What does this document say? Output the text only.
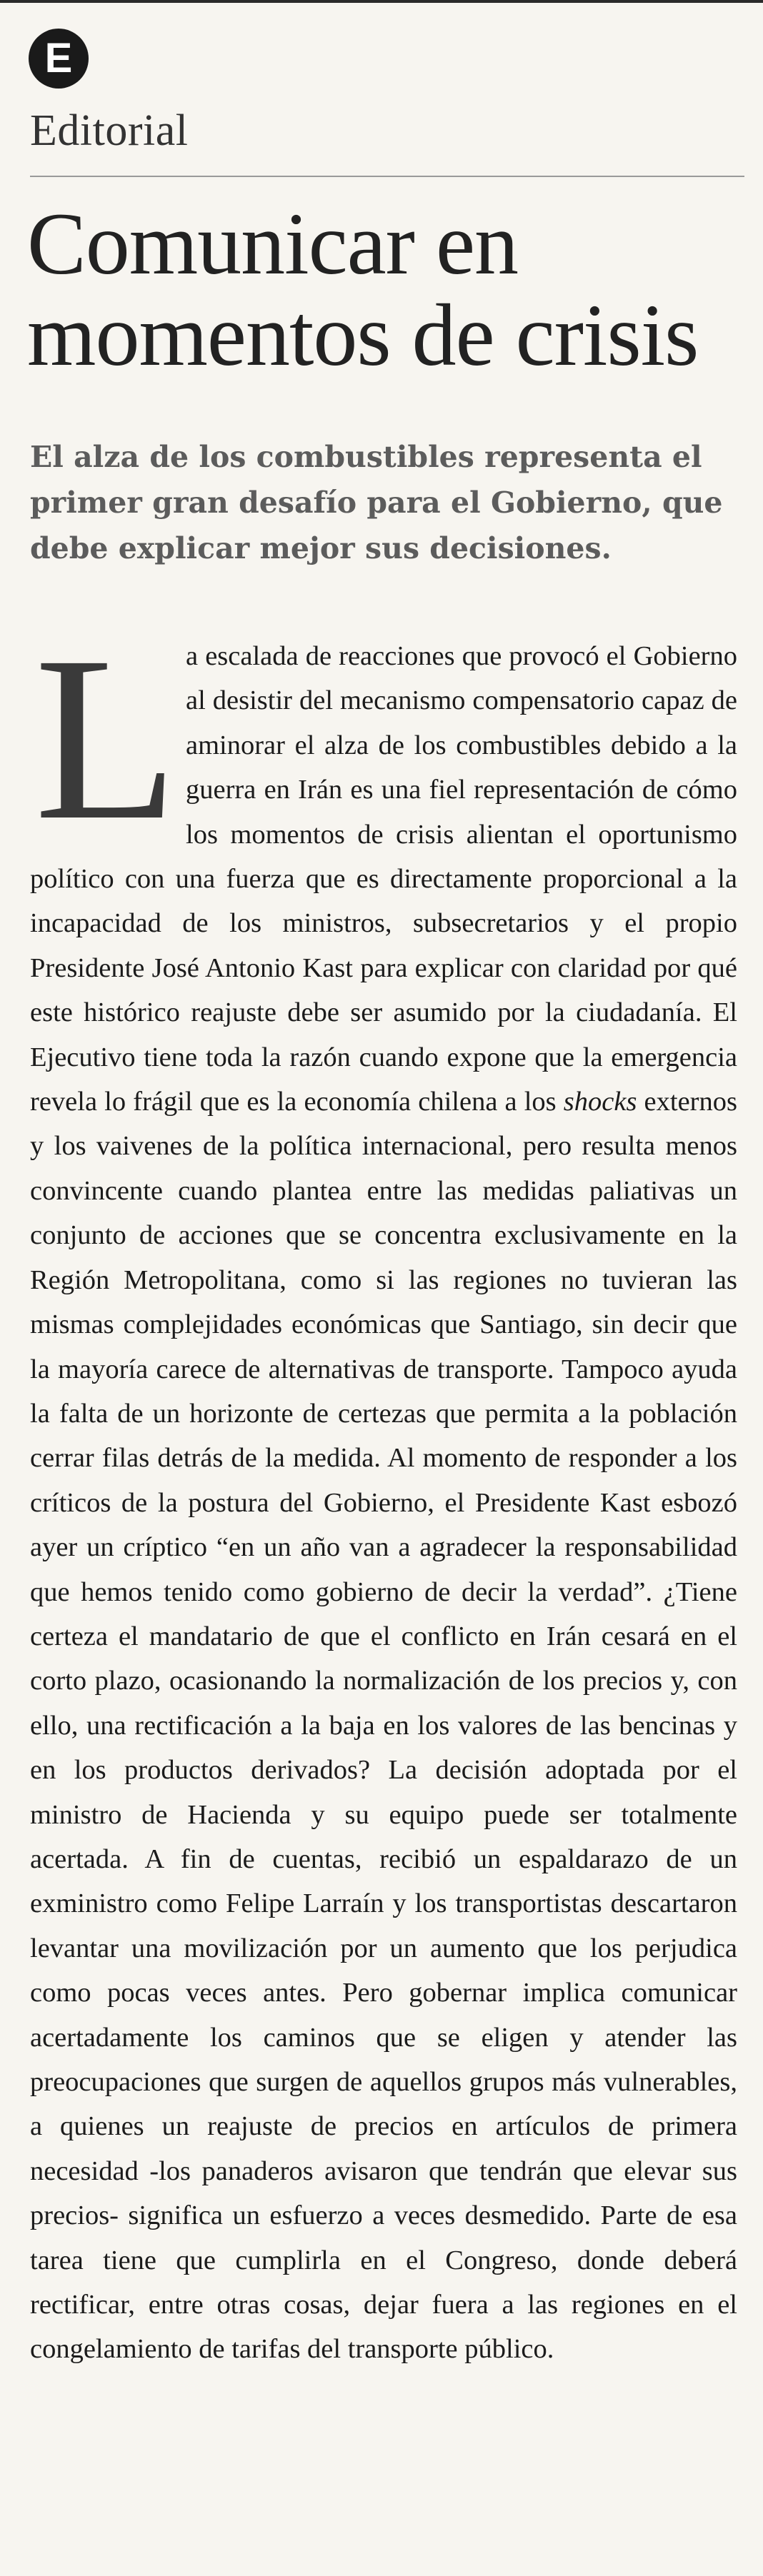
E
Editorial
Comunicar en momentos de crisis

El alza de los combustibles representa el primer gran desafío para el Gobierno, que debe explicar mejor sus decisiones.

La escalada de reacciones que provocó el Gobierno al desistir del mecanismo compensatorio capaz de aminorar el alza de los combustibles debido a la guerra en Irán es una fiel representación de cómo los momentos de crisis alientan el oportunismo político con una fuerza que es directamente proporcional a la incapacidad de los ministros, subsecretarios y el propio Presidente José Antonio Kast para explicar con claridad por qué este histórico reajuste debe ser asumido por la ciudadanía. El Ejecutivo tiene toda la razón cuando expone que la emergencia revela lo frágil que es la economía chilena a los shocks externos y los vaivenes de la política internacional, pero resulta menos convincente cuando plantea entre las medidas paliativas un conjunto de acciones que se concentra exclusivamente en la Región Metropolitana, como si las regiones no tuvieran las mismas complejidades económicas que Santiago, sin decir que la mayoría carece de alternativas de transporte. Tampoco ayuda la falta de un horizonte de certezas que permita a la población cerrar filas detrás de la medida. Al momento de responder a los críticos de la postura del Gobierno, el Presidente Kast esbozó ayer un críptico “en un año van a agradecer la responsabilidad que hemos tenido como gobierno de decir la verdad”. ¿Tiene certeza el mandatario de que el conflicto en Irán cesará en el corto plazo, ocasionando la normalización de los precios y, con ello, una rectificación a la baja en los valores de las bencinas y en los productos derivados? La decisión adoptada por el ministro de Hacienda y su equipo puede ser totalmente acertada. A fin de cuentas, recibió un espaldarazo de un exministro como Felipe Larraín y los transportistas descartaron levantar una movilización por un aumento que los perjudica como pocas veces antes. Pero gobernar implica comunicar acertadamente los caminos que se eligen y atender las preocupaciones que surgen de aquellos grupos más vulnerables, a quienes un reajuste de precios en artículos de primera necesidad -los panaderos avisaron que tendrán que elevar sus precios- significa un esfuerzo a veces desmedido. Parte de esa tarea tiene que cumplirla en el Congreso, donde deberá rectificar, entre otras cosas, dejar fuera a las regiones en el congelamiento de tarifas del transporte público.
